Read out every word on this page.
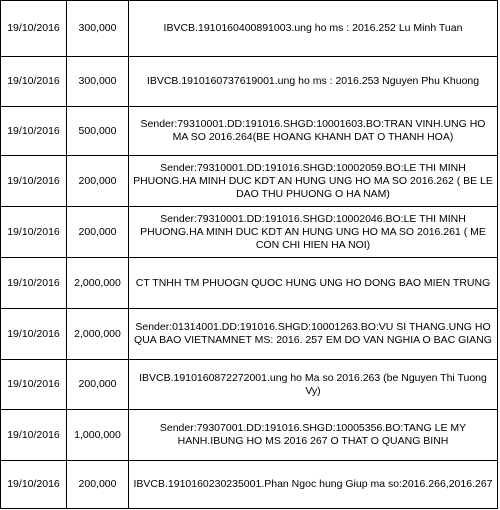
19/10/2016	300,000	IBVCB.1910160400891003.ung ho ms : 2016.252 Lu Minh Tuan
19/10/2016	300,000	IBVCB.1910160737619001.ung ho ms : 2016.253 Nguyen Phu Khuong
19/10/2016	500,000	Sender:79310001.DD:191016.SHGD:10001603.BO:TRAN VINH.UNG HO MA SO 2016.264(BE HOANG KHANH DAT O THANH HOA)
19/10/2016	200,000	Sender:79310001.DD:191016.SHGD:10002059.BO:LE THI MINH PHUONG.HA MINH DUC KDT AN HUNG UNG HO MA SO 2016.262 ( BE LE DAO THU PHUONG O HA NAM)
19/10/2016	200,000	Sender:79310001.DD:191016.SHGD:10002046.BO:LE THI MINH PHUONG.HA MINH DUC KDT AN HUNG UNG HO MA SO 2016.261 ( ME CON CHI HIEN HA NOI)
19/10/2016	2,000,000	CT TNHH TM PHUOGN QUOC HUNG UNG HO DONG BAO MIEN TRUNG
19/10/2016	2,000,000	Sender:01314001.DD:191016.SHGD:10001263.BO:VU SI THANG.UNG HO QUA BAO VIETNAMNET MS: 2016. 257 EM DO VAN NGHIA O BAC GIANG
19/10/2016	200,000	IBVCB.1910160872272001.ung ho Ma so 2016.263 (be Nguyen Thi Tuong Vy)
19/10/2016	1,000,000	Sender:79307001.DD:191016.SHGD:10005356.BO:TANG LE MY HANH.IBUNG HO MS 2016 267 O THAT O QUANG BINH
19/10/2016	200,000	IBVCB.1910160230235001.Phan Ngoc hung Giup ma so:2016.266,2016.267
